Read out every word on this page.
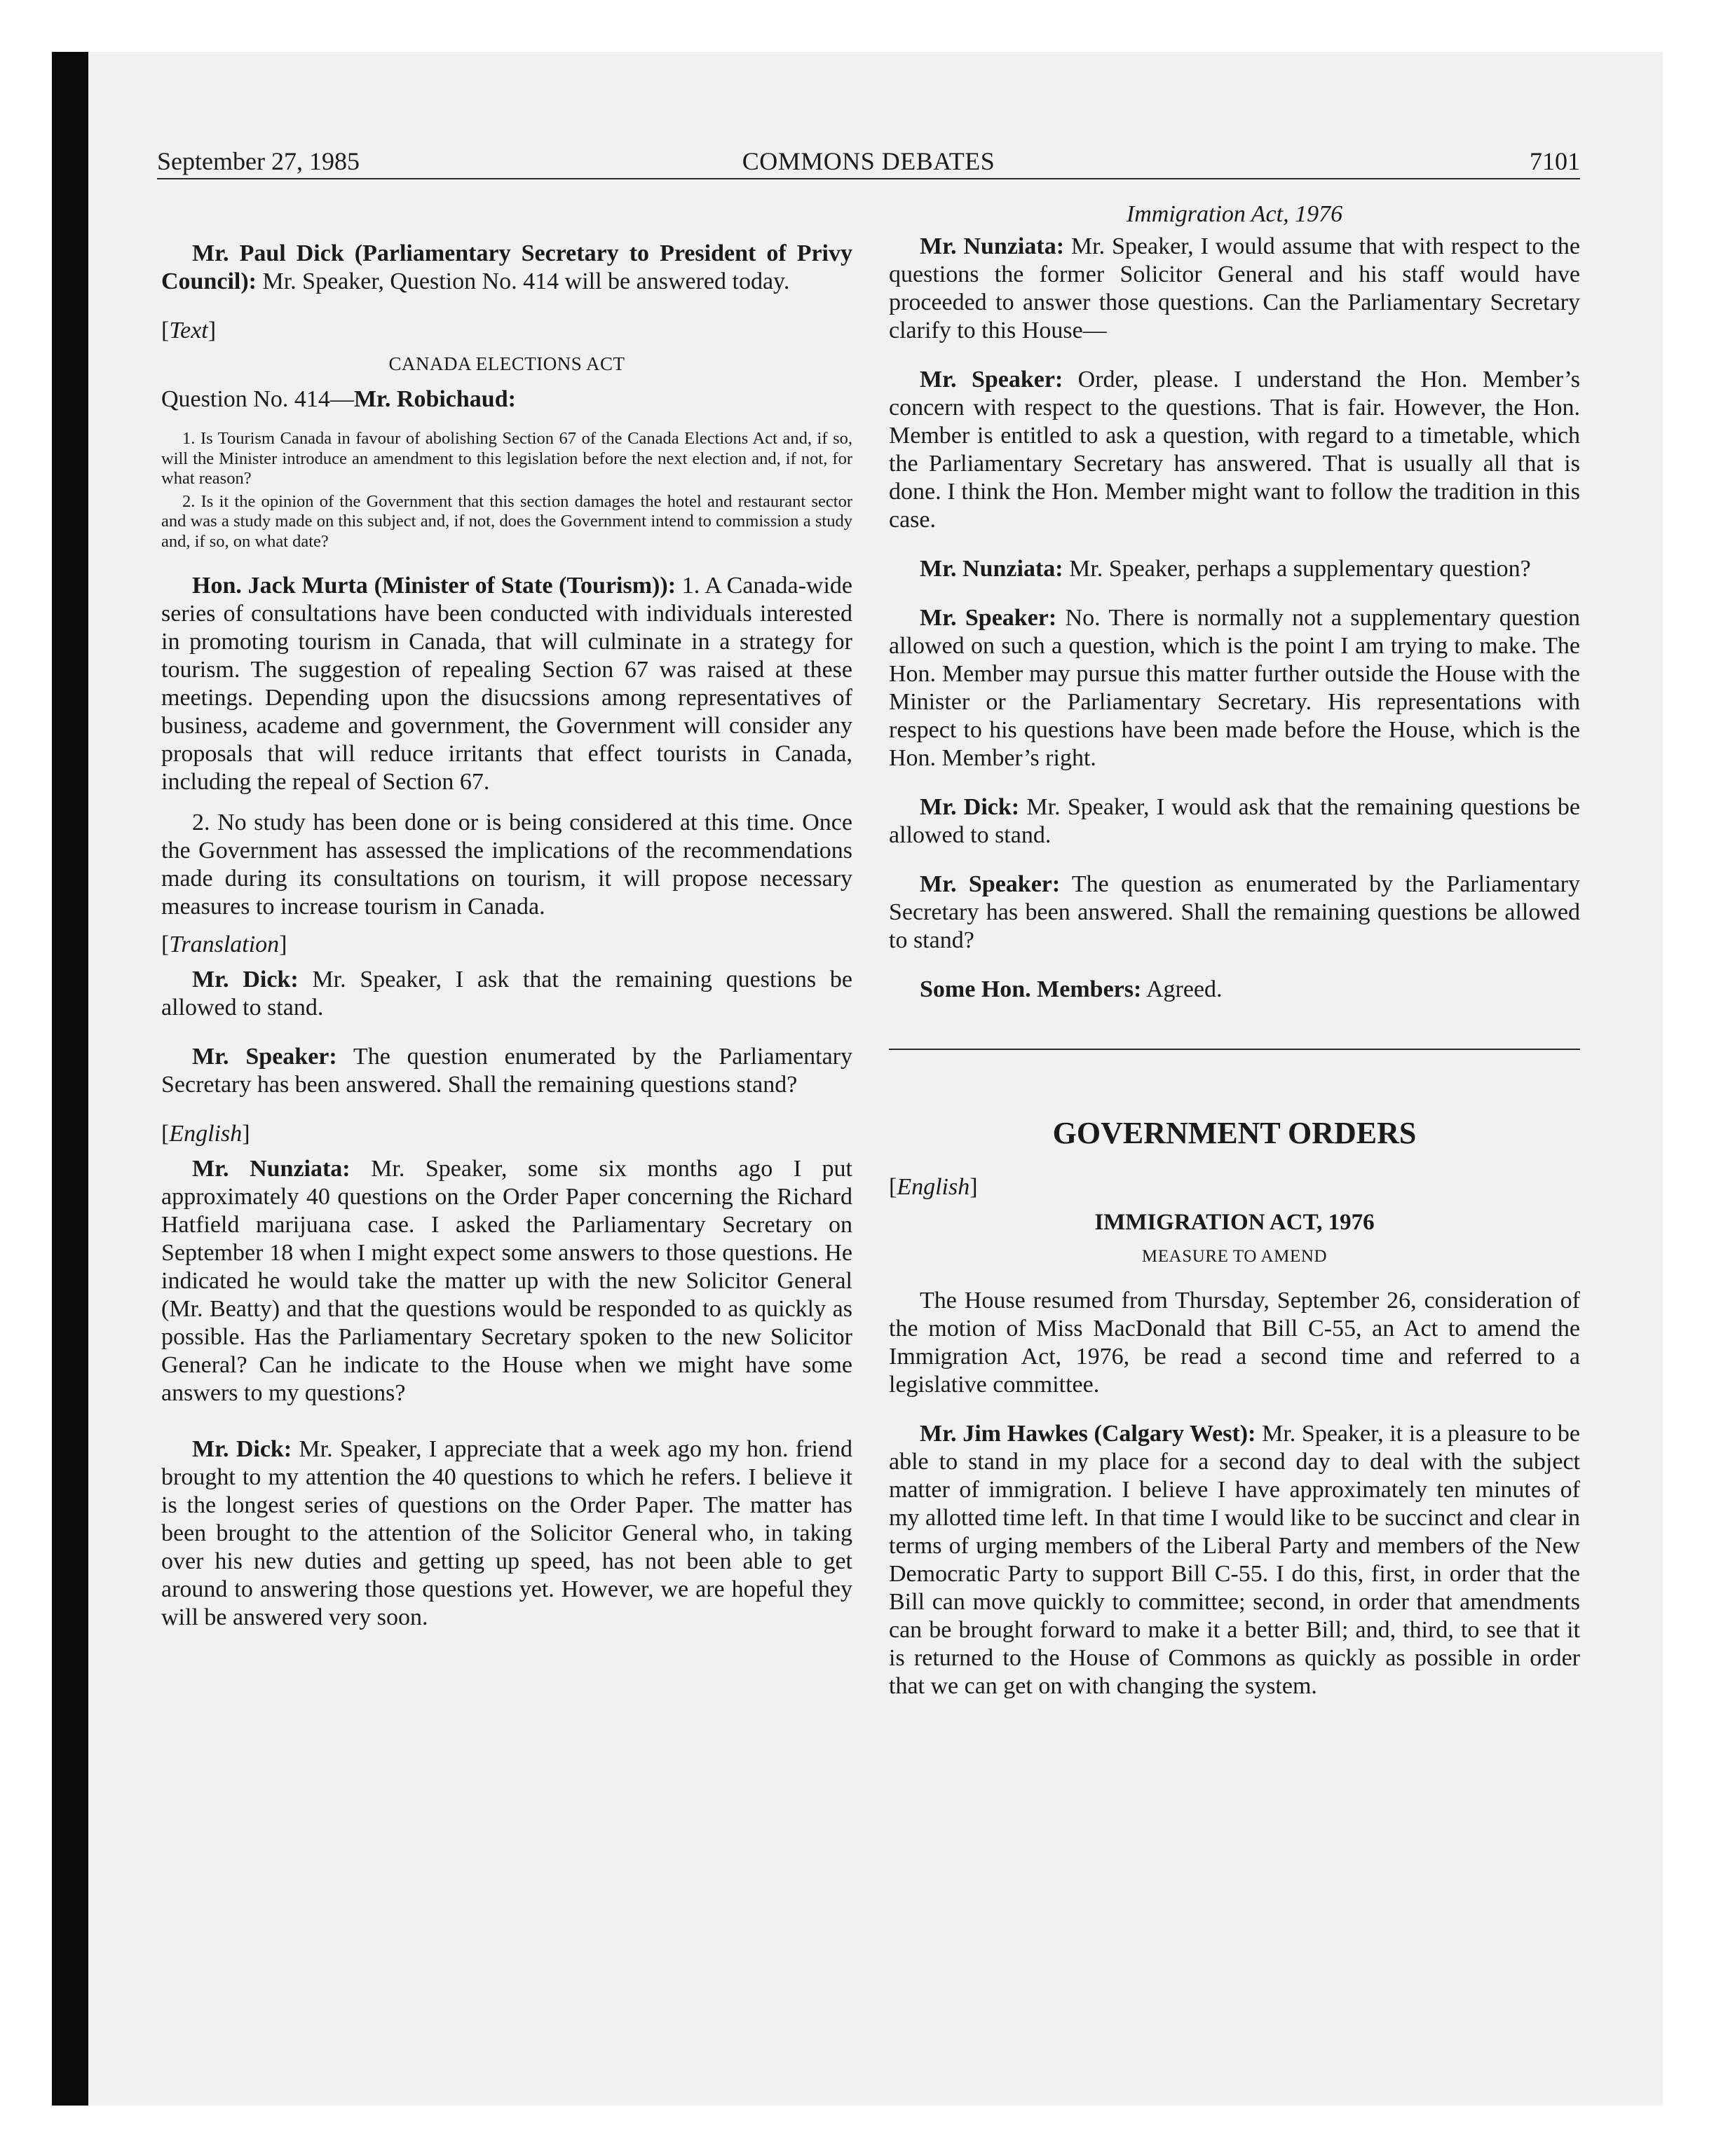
September 27, 1985	COMMONS DEBATES	7101

Mr. Paul Dick (Parliamentary Secretary to President of Privy Council): Mr. Speaker, Question No. 414 will be answered today.

[Text]
CANADA ELECTIONS ACT
Question No. 414—Mr. Robichaud:

1. Is Tourism Canada in favour of abolishing Section 67 of the Canada Elections Act and, if so, will the Minister introduce an amendment to this legislation before the next election and, if not, for what reason?

2. Is it the opinion of the Government that this section damages the hotel and restaurant sector and was a study made on this subject and, if not, does the Government intend to commission a study and, if so, on what date?

Hon. Jack Murta (Minister of State (Tourism)): 1. A Canada-wide series of consultations have been conducted with individuals interested in promoting tourism in Canada, that will culminate in a strategy for tourism. The suggestion of repealing Section 67 was raised at these meetings. Depending upon the disucssions among representatives of business, academe and government, the Government will consider any proposals that will reduce irritants that effect tourists in Canada, including the repeal of Section 67.

2. No study has been done or is being considered at this time. Once the Government has assessed the implications of the recommendations made during its consultations on tourism, it will propose necessary measures to increase tourism in Canada.

[Translation]

Mr. Dick: Mr. Speaker, I ask that the remaining questions be allowed to stand.

Mr. Speaker: The question enumerated by the Parliamentary Secretary has been answered. Shall the remaining questions stand?

[English]

Mr. Nunziata: Mr. Speaker, some six months ago I put approximately 40 questions on the Order Paper concerning the Richard Hatfield marijuana case. I asked the Parliamentary Secretary on September 18 when I might expect some answers to those questions. He indicated he would take the matter up with the new Solicitor General (Mr. Beatty) and that the questions would be responded to as quickly as possible. Has the Parliamentary Secretary spoken to the new Solicitor General? Can he indicate to the House when we might have some answers to my questions?

Mr. Dick: Mr. Speaker, I appreciate that a week ago my hon. friend brought to my attention the 40 questions to which he refers. I believe it is the longest series of questions on the Order Paper. The matter has been brought to the attention of the Solicitor General who, in taking over his new duties and getting up speed, has not been able to get around to answering those questions yet. However, we are hopeful they will be answered very soon.

Immigration Act, 1976

Mr. Nunziata: Mr. Speaker, I would assume that with respect to the questions the former Solicitor General and his staff would have proceeded to answer those questions. Can the Parliamentary Secretary clarify to this House—

Mr. Speaker: Order, please. I understand the Hon. Member’s concern with respect to the questions. That is fair. However, the Hon. Member is entitled to ask a question, with regard to a timetable, which the Parliamentary Secretary has answered. That is usually all that is done. I think the Hon. Member might want to follow the tradition in this case.

Mr. Nunziata: Mr. Speaker, perhaps a supplementary question?

Mr. Speaker: No. There is normally not a supplementary question allowed on such a question, which is the point I am trying to make. The Hon. Member may pursue this matter further outside the House with the Minister or the Parliamentary Secretary. His representations with respect to his questions have been made before the House, which is the Hon. Member’s right.

Mr. Dick: Mr. Speaker, I would ask that the remaining questions be allowed to stand.

Mr. Speaker: The question as enumerated by the Parliamentary Secretary has been answered. Shall the remaining questions be allowed to stand?

Some Hon. Members: Agreed.

GOVERNMENT ORDERS
[English]
IMMIGRATION ACT, 1976
MEASURE TO AMEND

The House resumed from Thursday, September 26, consideration of the motion of Miss MacDonald that Bill C-55, an Act to amend the Immigration Act, 1976, be read a second time and referred to a legislative committee.

Mr. Jim Hawkes (Calgary West): Mr. Speaker, it is a pleasure to be able to stand in my place for a second day to deal with the subject matter of immigration. I believe I have approximately ten minutes of my allotted time left. In that time I would like to be succinct and clear in terms of urging members of the Liberal Party and members of the New Democratic Party to support Bill C-55. I do this, first, in order that the Bill can move quickly to committee; second, in order that amendments can be brought forward to make it a better Bill; and, third, to see that it is returned to the House of Commons as quickly as possible in order that we can get on with changing the system.
